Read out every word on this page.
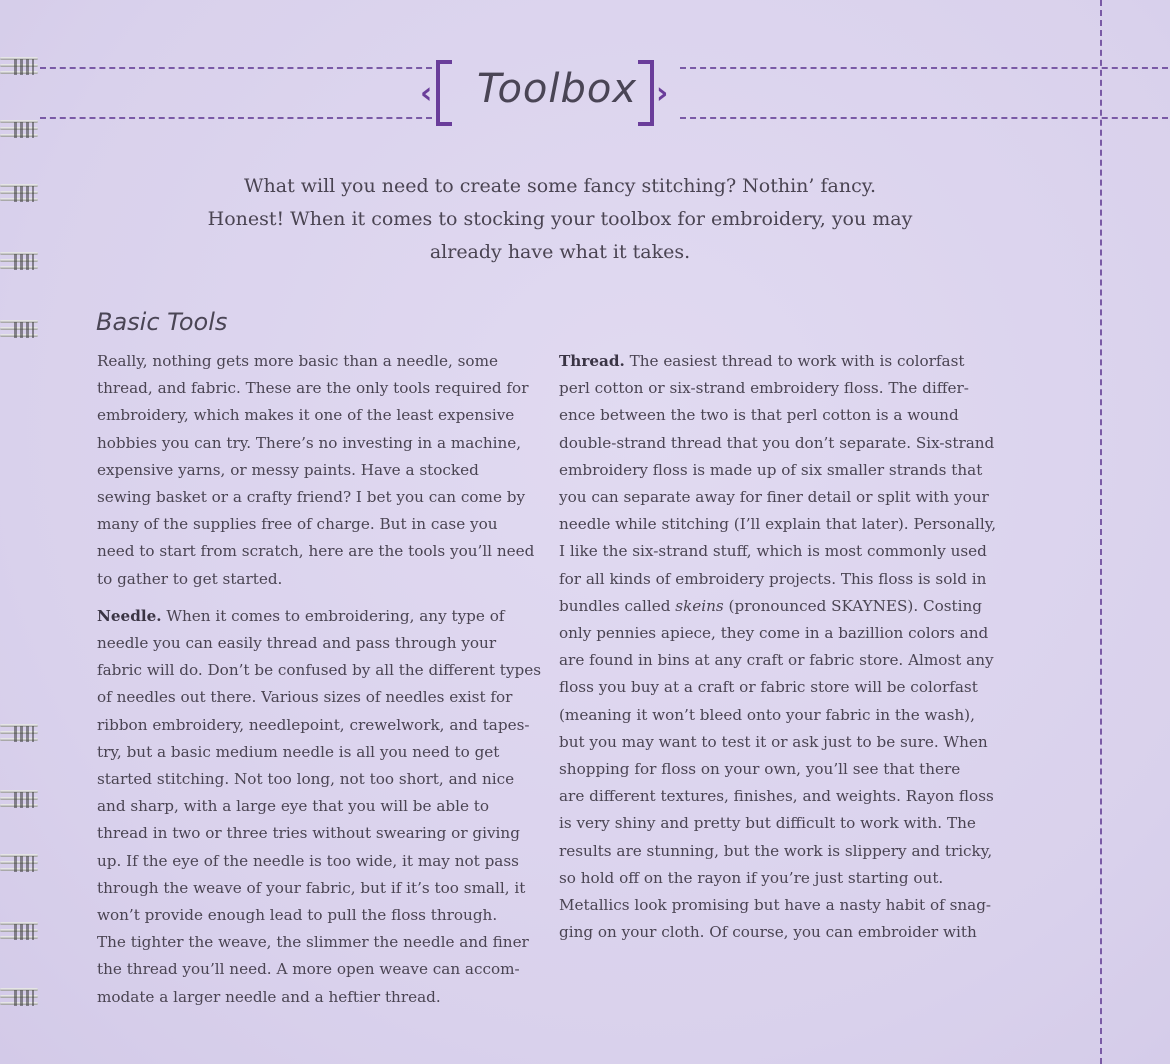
‹	Toolbox ›
What will you need to create some fancy stitching? Nothin’ fancy.
Honest! When it comes to stocking your toolbox for embroidery, you may
already have what it takes.
Basic Tools

Really, nothing gets more basic than a needle, some
thread, and fabric. These are the only tools required for
embroidery, which makes it one of the least expensive
hobbies you can try. There’s no investing in a machine,
expensive yarns, or messy paints. Have a stocked
sewing basket or a crafty friend? I bet you can come by
many of the supplies free of charge. But in case you
need to start from scratch, here are the tools you’ll need
to gather to get started.

Needle. When it comes to embroidering, any type of
needle you can easily thread and pass through your
fabric will do. Don’t be confused by all the different types
of needles out there. Various sizes of needles exist for
ribbon embroidery, needlepoint, crewelwork, and tapes-
try, but a basic medium needle is all you need to get
started stitching. Not too long, not too short, and nice
and sharp, with a large eye that you will be able to
thread in two or three tries without swearing or giving
up. If the eye of the needle is too wide, it may not pass
through the weave of your fabric, but if it’s too small, it
won’t provide enough lead to pull the floss through.
The tighter the weave, the slimmer the needle and finer
the thread you’ll need. A more open weave can accom-
modate a larger needle and a heftier thread.

Thread. The easiest thread to work with is colorfast
perl cotton or six-strand embroidery floss. The differ-
ence between the two is that perl cotton is a wound
double-strand thread that you don’t separate. Six-strand
embroidery floss is made up of six smaller strands that
you can separate away for finer detail or split with your
needle while stitching (I’ll explain that later). Personally,
I like the six-strand stuff, which is most commonly used
for all kinds of embroidery projects. This floss is sold in
bundles called skeins (pronounced SKAYNES). Costing
only pennies apiece, they come in a bazillion colors and
are found in bins at any craft or fabric store. Almost any
floss you buy at a craft or fabric store will be colorfast
(meaning it won’t bleed onto your fabric in the wash),
but you may want to test it or ask just to be sure. When
shopping for floss on your own, you’ll see that there
are different textures, finishes, and weights. Rayon floss
is very shiny and pretty but difficult to work with. The
results are stunning, but the work is slippery and tricky,
so hold off on the rayon if you’re just starting out.
Metallics look promising but have a nasty habit of snag-
ging on your cloth. Of course, you can embroider with
